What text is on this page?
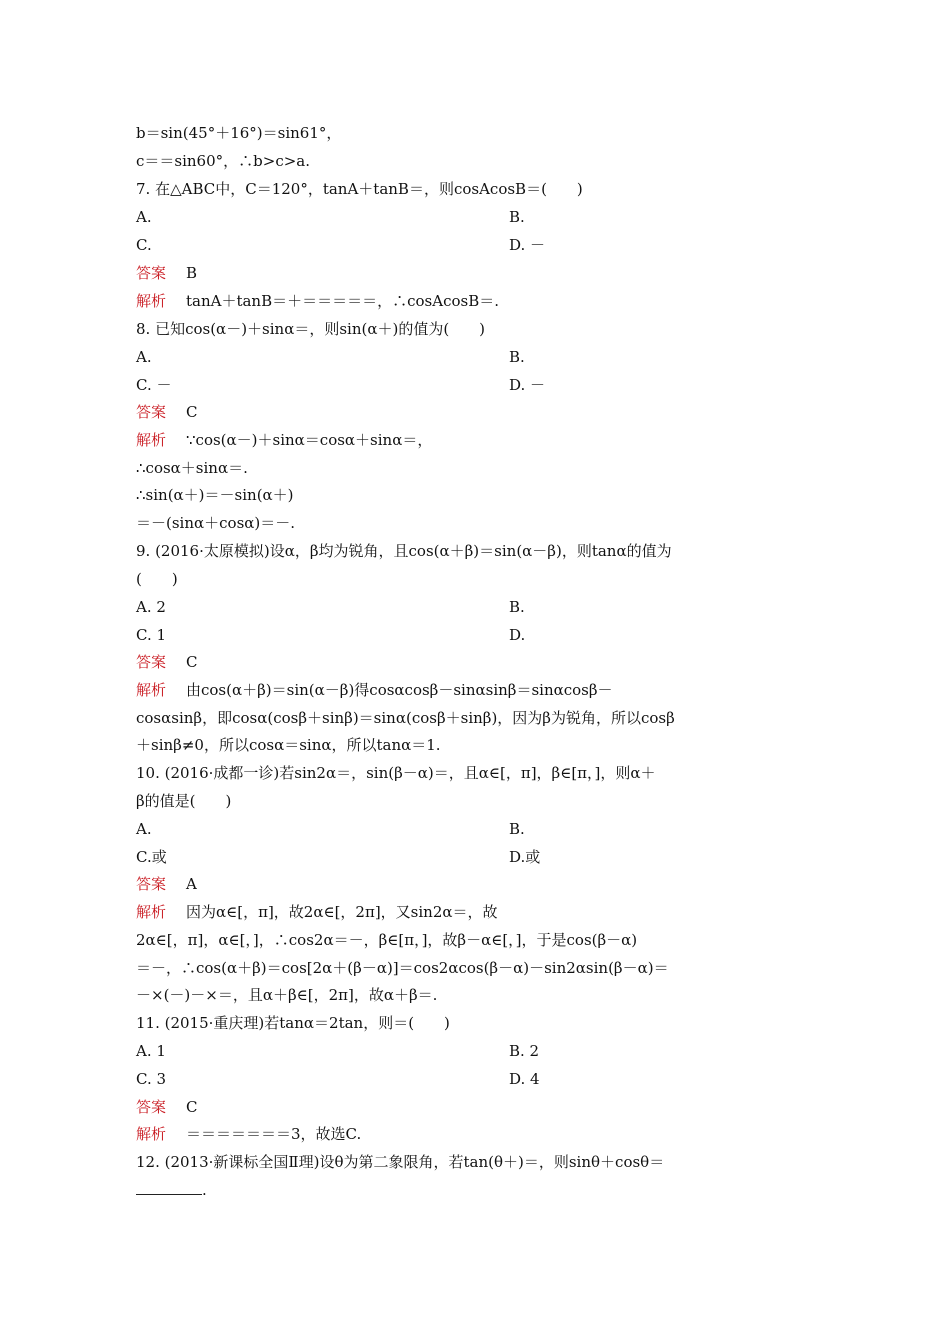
b＝sin(45°＋16°)＝sin61°，
c＝＝sin60°，∴b>c>a.
7. 在△ABC中，C＝120°，tanA＋tanB＝，则cosAcosB＝(　　)
A.	B.
C.	D. －
答案 B
解析 tanA＋tanB＝＋＝＝＝＝＝，∴cosAcosB＝.
8. 已知cos(α－)＋sinα＝，则sin(α＋)的值为(　　)
A.	B.
C. －	D. －
答案 C
解析 ∵cos(α－)＋sinα＝cosα＋sinα＝，
∴cosα＋sinα＝.
∴sin(α＋)＝－sin(α＋)
＝－(sinα＋cosα)＝－.
9. (2016·太原模拟)设α，β均为锐角，且cos(α＋β)＝sin(α－β)，则tanα的值为
(　　)
A. 2	B.
C. 1	D.
答案 C
解析 由cos(α＋β)＝sin(α－β)得cosαcosβ－sinαsinβ＝sinαcosβ－
cosαsinβ，即cosα(cosβ＋sinβ)＝sinα(cosβ＋sinβ)，因为β为锐角，所以cosβ
＋sinβ≠0，所以cosα＝sinα，所以tanα＝1.
10. (2016·成都一诊)若sin2α＝，sin(β－α)＝，且α∈[，π]，β∈[π，]，则α＋
β的值是(　　)
A.	B.
C.或	D.或
答案 A
解析 因为α∈[，π]，故2α∈[，2π]，又sin2α＝，故
2α∈[，π]，α∈[，]，∴cos2α＝－，β∈[π，]，故β－α∈[，]，于是cos(β－α)
＝－，∴cos(α＋β)＝cos[2α＋(β－α)]＝cos2αcos(β－α)－sin2αsin(β－α)＝
－×(－)－×＝，且α＋β∈[，2π]，故α＋β＝.
11. (2015·重庆理)若tanα＝2tan，则＝(　　)
A. 1	B. 2
C. 3	D. 4
答案 C
解析 ＝＝＝＝＝＝＝3，故选C.
12. (2013·新课标全国Ⅱ理)设θ为第二象限角，若tan(θ＋)＝，则sinθ＋cosθ＝
.
